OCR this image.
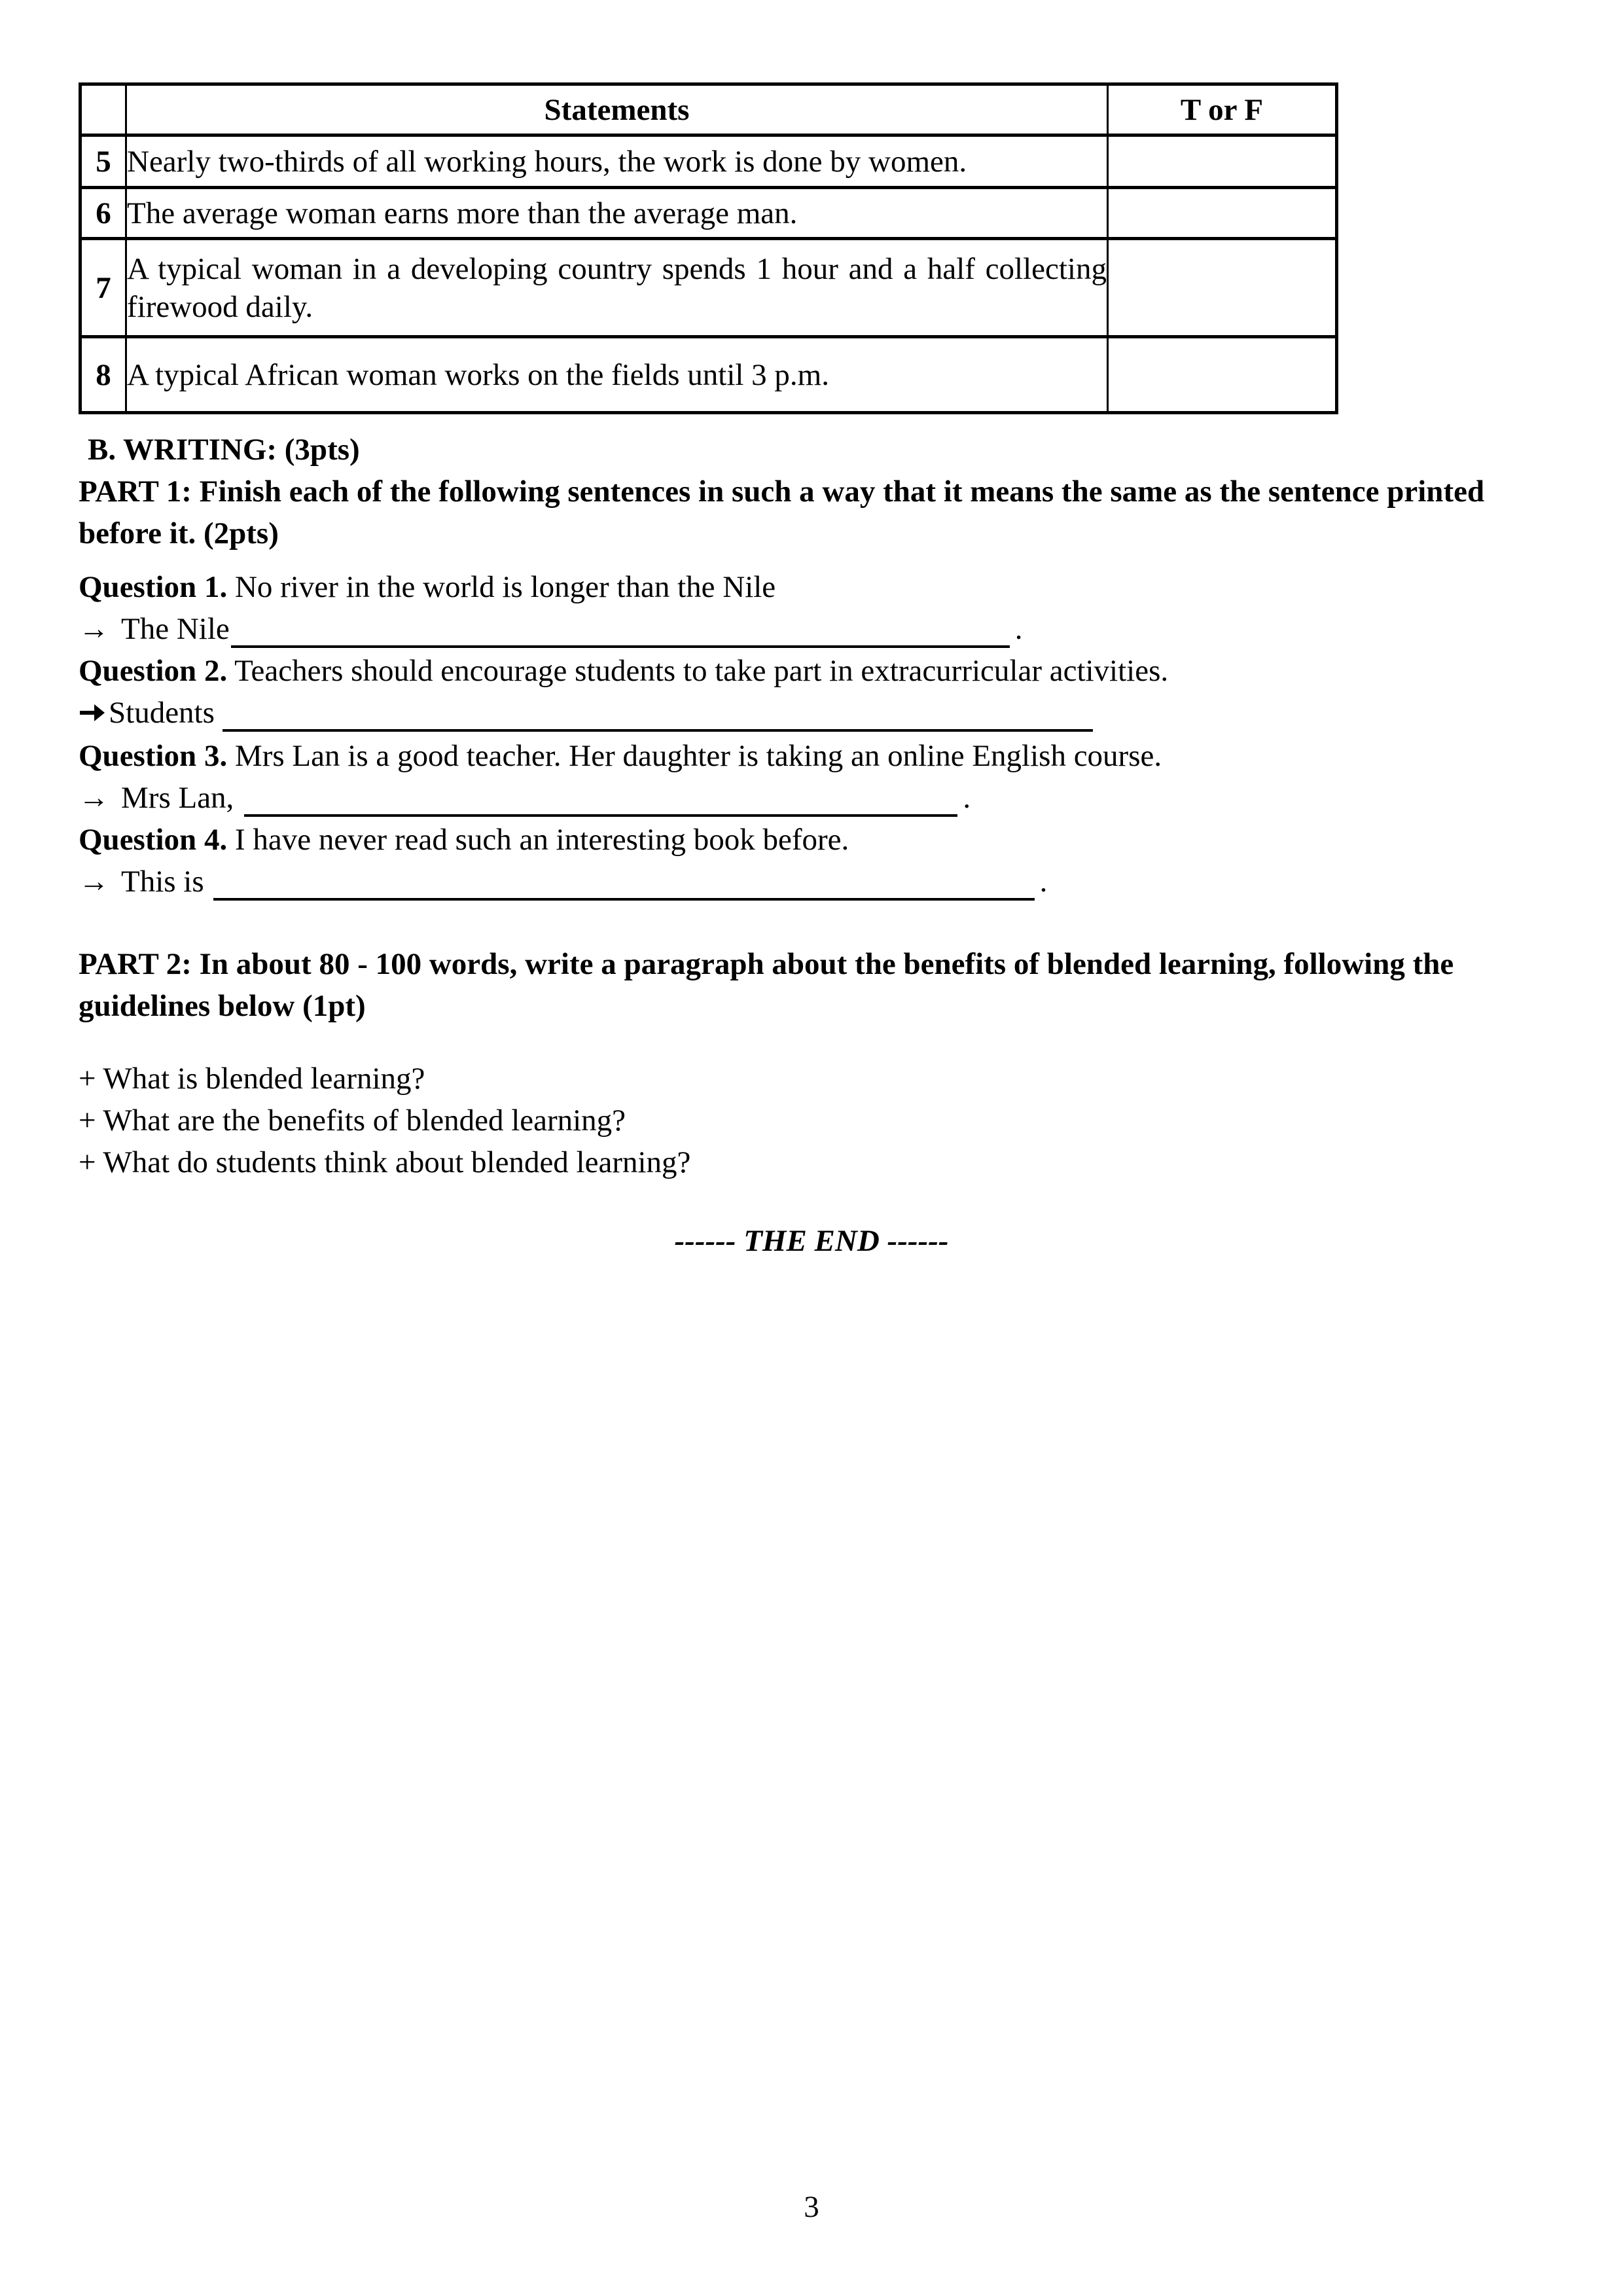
	Statements	T or F
5	Nearly two-thirds of all working hours, the work is done by women.	
6	The average woman earns more than the average man.	
7	A typical woman in a developing country spends 1 hour and a half collecting firewood daily.	
8	A typical African woman works on the fields until 3 p.m.	

B. WRITING: (3pts)

PART 1: Finish each of the following sentences in such a way that it means the same as the sentence printed before it. (2pts)

Question 1. No river in the world is longer than the Nile

→ The Nile	.

Question 2. Teachers should encourage students to take part in extracurricular activities.

Students

Question 3. Mrs Lan is a good teacher. Her daughter is taking an online English course.

→ Mrs Lan,	.

Question 4. I have never read such an interesting book before.

→ This is	.

PART 2: In about 80 - 100 words, write a paragraph about the benefits of blended learning, following the guidelines below (1pt)

+ What is blended learning?

+ What are the benefits of blended learning?

+ What do students think about blended learning?

------ THE END ------

3
